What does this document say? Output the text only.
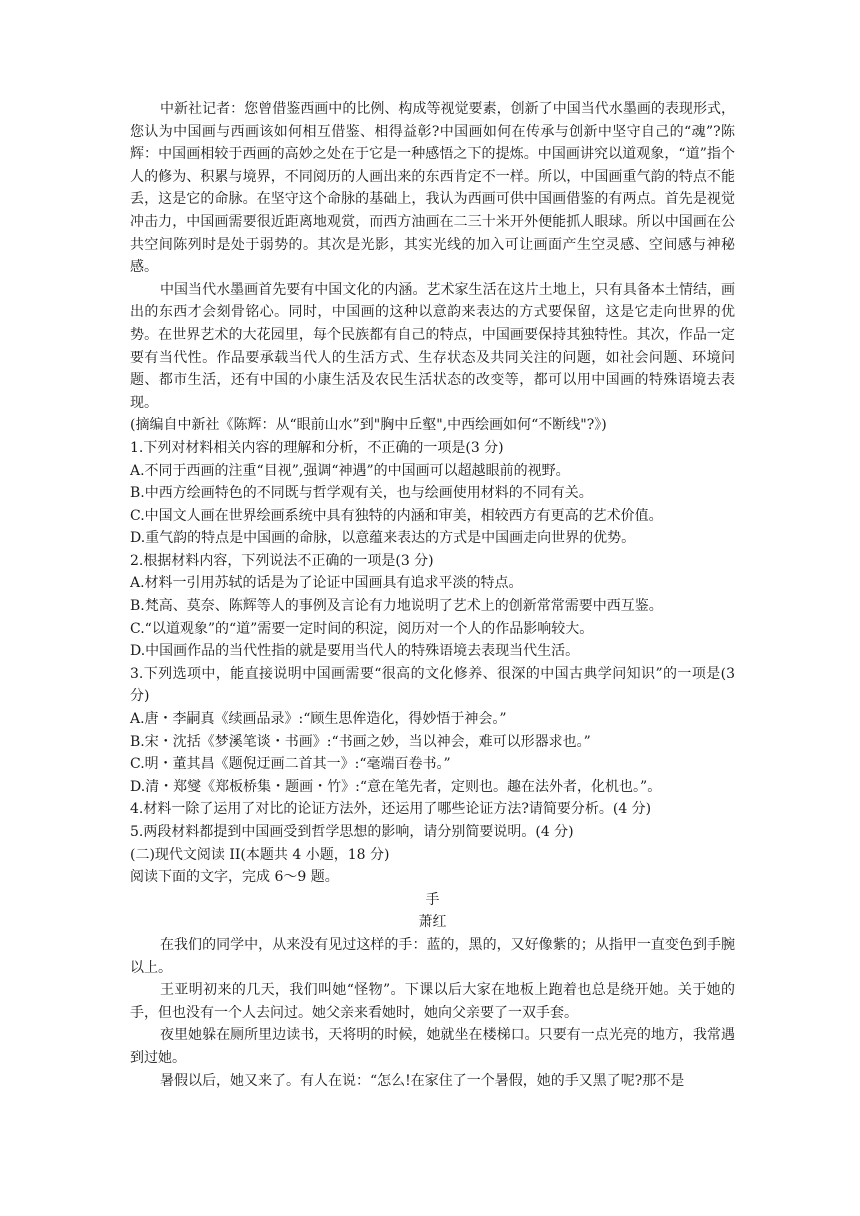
中新社记者：您曾借鉴西画中的比例、构成等视觉要素，创新了中国当代水墨画的表现形式，您认为中国画与西画该如何相互借鉴、相得益彰?中国画如何在传承与创新中坚守自己的“魂”?陈辉：中国画相较于西画的高妙之处在于它是一种感悟之下的提炼。中国画讲究以道观象，“道”指个人的修为、积累与境界，不同阅历的人画出来的东西肯定不一样。所以，中国画重气韵的特点不能丢，这是它的命脉。在坚守这个命脉的基础上，我认为西画可供中国画借鉴的有两点。首先是视觉冲击力，中国画需要很近距离地观赏，而西方油画在二三十米开外便能抓人眼球。所以中国画在公共空间陈列时是处于弱势的。其次是光影，其实光线的加入可让画面产生空灵感、空间感与神秘感。

中国当代水墨画首先要有中国文化的内涵。艺术家生活在这片土地上，只有具备本土情结，画出的东西才会刻骨铭心。同时，中国画的这种以意韵来表达的方式要保留，这是它走向世界的优势。在世界艺术的大花园里，每个民族都有自己的特点，中国画要保持其独特性。其次，作品一定要有当代性。作品要承载当代人的生活方式、生存状态及共同关注的问题，如社会问题、环境问题、都市生活，还有中国的小康生活及农民生活状态的改变等，都可以用中国画的特殊语境去表现。

(摘编自中新社《陈辉：从“眼前山水”到"胸中丘壑",中西绘画如何“不断线"?》)

1.下列对材料相关内容的理解和分析，不正确的一项是(3 分)

A.不同于西画的注重“目视”,强调“神遇”的中国画可以超越眼前的视野。

B.中西方绘画特色的不同既与哲学观有关，也与绘画使用材料的不同有关。

C.中国文人画在世界绘画系统中具有独特的内涵和审美，相较西方有更高的艺术价值。

D.重气韵的特点是中国画的命脉，以意蕴来表达的方式是中国画走向世界的优势。

2.根据材料内容，下列说法不正确的一项是(3 分)

A.材料一引用苏轼的话是为了论证中国画具有追求平淡的特点。

B.梵高、莫奈、陈辉等人的事例及言论有力地说明了艺术上的创新常常需要中西互鉴。

C.“以道观象”的“道”需要一定时间的积淀，阅历对一个人的作品影响较大。

D.中国画作品的当代性指的就是要用当代人的特殊语境去表现当代生活。

3.下列选项中，能直接说明中国画需要“很高的文化修养、很深的中国古典学问知识”的一项是(3 分)

A.唐・李嗣真《续画品录》:“顾生思侔造化，得妙悟于神会。”

B.宋・沈括《梦溪笔谈・书画》:“书画之妙，当以神会，难可以形器求也。”

C.明・董其昌《题倪迂画二首其一》:“毫端百卷书。”

D.清・郑燮《郑板桥集・题画・竹》:“意在笔先者，定则也。趣在法外者，化机也。”。

4.材料一除了运用了对比的论证方法外，还运用了哪些论证方法?请简要分析。(4 分)

5.两段材料都提到中国画受到哲学思想的影响，请分别简要说明。(4 分)

(二)现代文阅读 II(本题共 4 小题，18 分)

阅读下面的文字，完成 6～9 题。

手

萧红

在我们的同学中，从来没有见过这样的手：蓝的，黑的，又好像紫的；从指甲一直变色到手腕以上。

王亚明初来的几天，我们叫她“怪物”。下课以后大家在地板上跑着也总是绕开她。关于她的手，但也没有一个人去问过。她父亲来看她时，她向父亲要了一双手套。

夜里她躲在厕所里边读书，天将明的时候，她就坐在楼梯口。只要有一点光亮的地方，我常遇到过她。

暑假以后，她又来了。有人在说：“怎么!在家住了一个暑假，她的手又黑了呢?那不是
